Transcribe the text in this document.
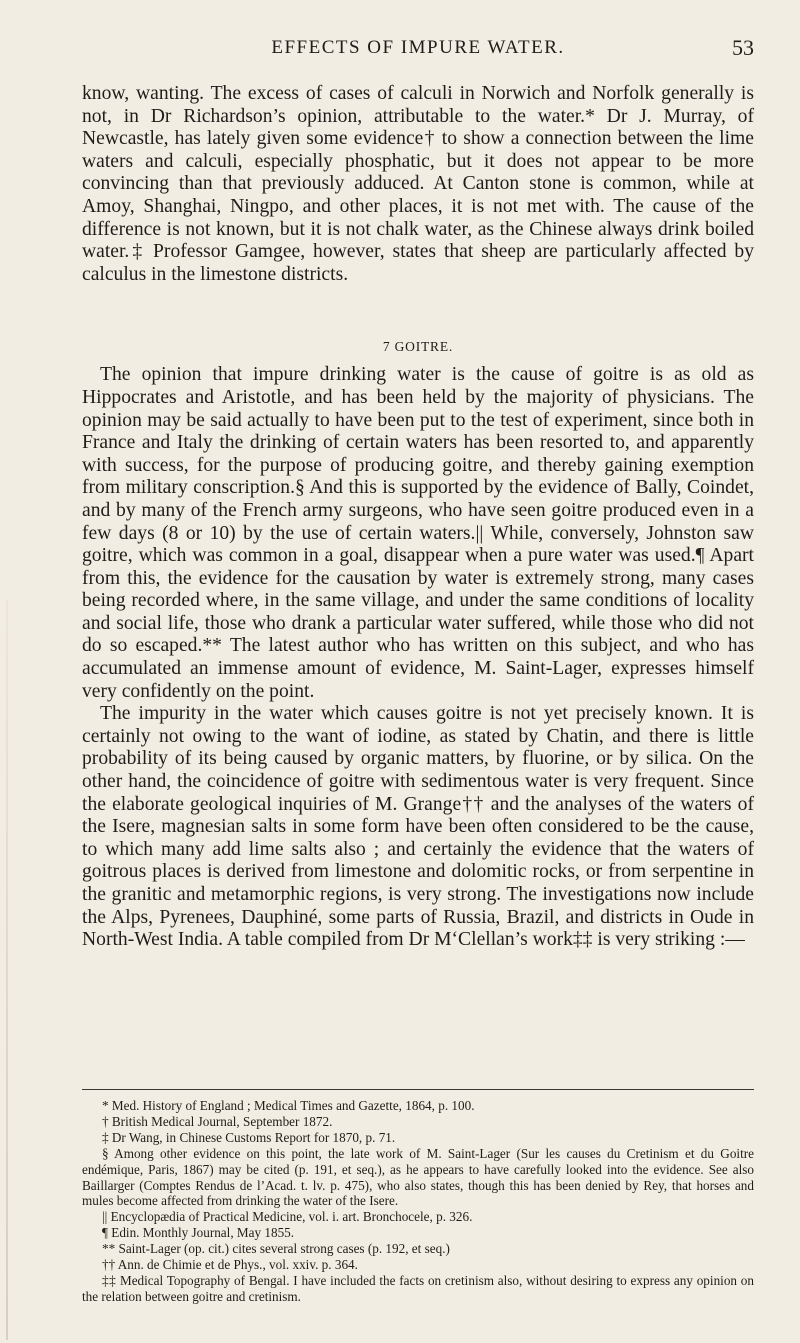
EFFECTS OF IMPURE WATER.	53

know, wanting. The excess of cases of calculi in Norwich and Norfolk generally is not, in Dr Richardson’s opinion, attributable to the water.* Dr J. Murray, of Newcastle, has lately given some evidence† to show a connection between the lime waters and calculi, especially phosphatic, but it does not appear to be more convincing than that previously adduced. At Canton stone is common, while at Amoy, Shanghai, Ningpo, and other places, it is not met with. The cause of the difference is not known, but it is not chalk water, as the Chinese always drink boiled water.‡ Professor Gamgee, however, states that sheep are particularly affected by calculus in the limestone districts.

7 GOITRE.

The opinion that impure drinking water is the cause of goitre is as old as Hippocrates and Aristotle, and has been held by the majority of physicians. The opinion may be said actually to have been put to the test of experiment, since both in France and Italy the drinking of certain waters has been resorted to, and apparently with success, for the purpose of producing goitre, and thereby gaining exemption from military conscription.§ And this is supported by the evidence of Bally, Coindet, and by many of the French army surgeons, who have seen goitre produced even in a few days (8 or 10) by the use of certain waters.|| While, conversely, Johnston saw goitre, which was common in a goal, disappear when a pure water was used.¶ Apart from this, the evidence for the causation by water is extremely strong, many cases being recorded where, in the same village, and under the same conditions of locality and social life, those who drank a particular water suffered, while those who did not do so escaped.** The latest author who has written on this subject, and who has accumulated an immense amount of evidence, M. Saint-Lager, expresses himself very confidently on the point.

The impurity in the water which causes goitre is not yet precisely known. It is certainly not owing to the want of iodine, as stated by Chatin, and there is little probability of its being caused by organic matters, by fluorine, or by silica. On the other hand, the coincidence of goitre with sedimentous water is very frequent. Since the elaborate geological inquiries of M. Grange†† and the analyses of the waters of the Isere, magnesian salts in some form have been often considered to be the cause, to which many add lime salts also ; and certainly the evidence that the waters of goitrous places is derived from limestone and dolomitic rocks, or from serpentine in the granitic and metamorphic regions, is very strong. The investigations now include the Alps, Pyrenees, Dauphiné, some parts of Russia, Brazil, and districts in Oude in North-West India. A table compiled from Dr M‘Clellan’s work‡‡ is very striking :—

* Med. History of England ; Medical Times and Gazette, 1864, p. 100.

† British Medical Journal, September 1872.

‡ Dr Wang, in Chinese Customs Report for 1870, p. 71.

§ Among other evidence on this point, the late work of M. Saint-Lager (Sur les causes du Cretinism et du Goitre endémique, Paris, 1867) may be cited (p. 191, et seq.), as he appears to have carefully looked into the evidence. See also Baillarger (Comptes Rendus de l’Acad. t. lv. p. 475), who also states, though this has been denied by Rey, that horses and mules become affected from drinking the water of the Isere.

|| Encyclopædia of Practical Medicine, vol. i. art. Bronchocele, p. 326.

¶ Edin. Monthly Journal, May 1855.

** Saint-Lager (op. cit.) cites several strong cases (p. 192, et seq.)

†† Ann. de Chimie et de Phys., vol. xxiv. p. 364.

‡‡ Medical Topography of Bengal. I have included the facts on cretinism also, without desiring to express any opinion on the relation between goitre and cretinism.
